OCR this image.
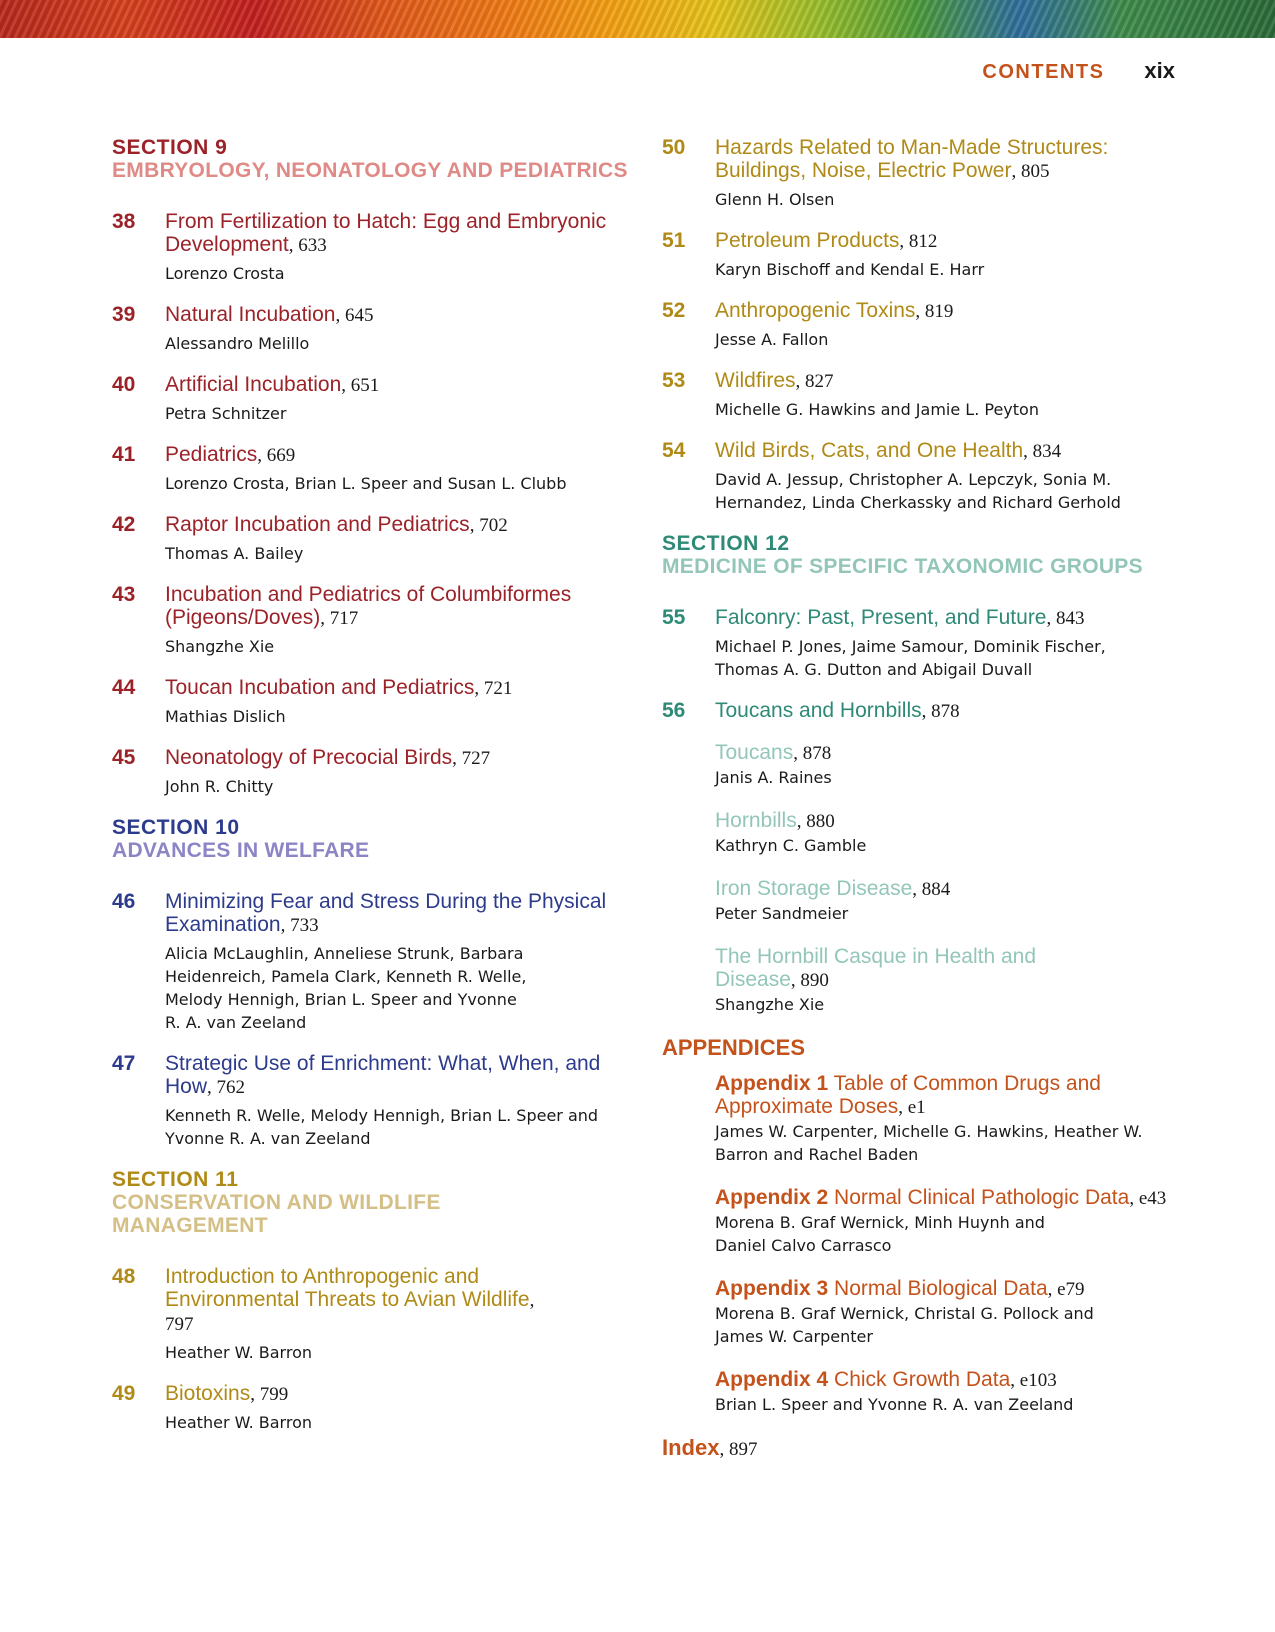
CONTENTS xix
SECTION 9
EMBRYOLOGY, NEONATOLOGY AND PEDIATRICS
38	From Fertilization to Hatch: Egg and Embryonic Development, 633
Lorenzo Crosta
39	Natural Incubation, 645
Alessandro Melillo
40	Artificial Incubation, 651
Petra Schnitzer
41	Pediatrics, 669
Lorenzo Crosta, Brian L. Speer and Susan L. Clubb
42	Raptor Incubation and Pediatrics, 702
Thomas A. Bailey
43	Incubation and Pediatrics of Columbiformes (Pigeons/Doves), 717
Shangzhe Xie
44	Toucan Incubation and Pediatrics, 721
Mathias Dislich
45	Neonatology of Precocial Birds, 727
John R. Chitty
SECTION 10
ADVANCES IN WELFARE
46	Minimizing Fear and Stress During the Physical Examination, 733
Alicia McLaughlin, Anneliese Strunk, Barbara Heidenreich, Pamela Clark, Kenneth R. Welle, Melody Hennigh, Brian L. Speer and Yvonne R. A. van Zeeland
47	Strategic Use of Enrichment: What, When, and How, 762
Kenneth R. Welle, Melody Hennigh, Brian L. Speer and Yvonne R. A. van Zeeland
SECTION 11
CONSERVATION AND WILDLIFE MANAGEMENT
48	Introduction to Anthropogenic and Environmental Threats to Avian Wildlife, 797
Heather W. Barron
49	Biotoxins, 799
Heather W. Barron
50	Hazards Related to Man-Made Structures: Buildings, Noise, Electric Power, 805
Glenn H. Olsen
51	Petroleum Products, 812
Karyn Bischoff and Kendal E. Harr
52	Anthropogenic Toxins, 819
Jesse A. Fallon
53	Wildfires, 827
Michelle G. Hawkins and Jamie L. Peyton
54	Wild Birds, Cats, and One Health, 834
David A. Jessup, Christopher A. Lepczyk, Sonia M. Hernandez, Linda Cherkassky and Richard Gerhold
SECTION 12
MEDICINE OF SPECIFIC TAXONOMIC GROUPS
55	Falconry: Past, Present, and Future, 843
Michael P. Jones, Jaime Samour, Dominik Fischer, Thomas A. G. Dutton and Abigail Duvall
56	Toucans and Hornbills, 878
Toucans, 878
Janis A. Raines
Hornbills, 880
Kathryn C. Gamble
Iron Storage Disease, 884
Peter Sandmeier
The Hornbill Casque in Health and Disease, 890
Shangzhe Xie
APPENDICES
Appendix 1 Table of Common Drugs and Approximate Doses, e1
James W. Carpenter, Michelle G. Hawkins, Heather W. Barron and Rachel Baden
Appendix 2 Normal Clinical Pathologic Data, e43
Morena B. Graf Wernick, Minh Huynh and Daniel Calvo Carrasco
Appendix 3 Normal Biological Data, e79
Morena B. Graf Wernick, Christal G. Pollock and James W. Carpenter
Appendix 4 Chick Growth Data, e103
Brian L. Speer and Yvonne R. A. van Zeeland
Index, 897
